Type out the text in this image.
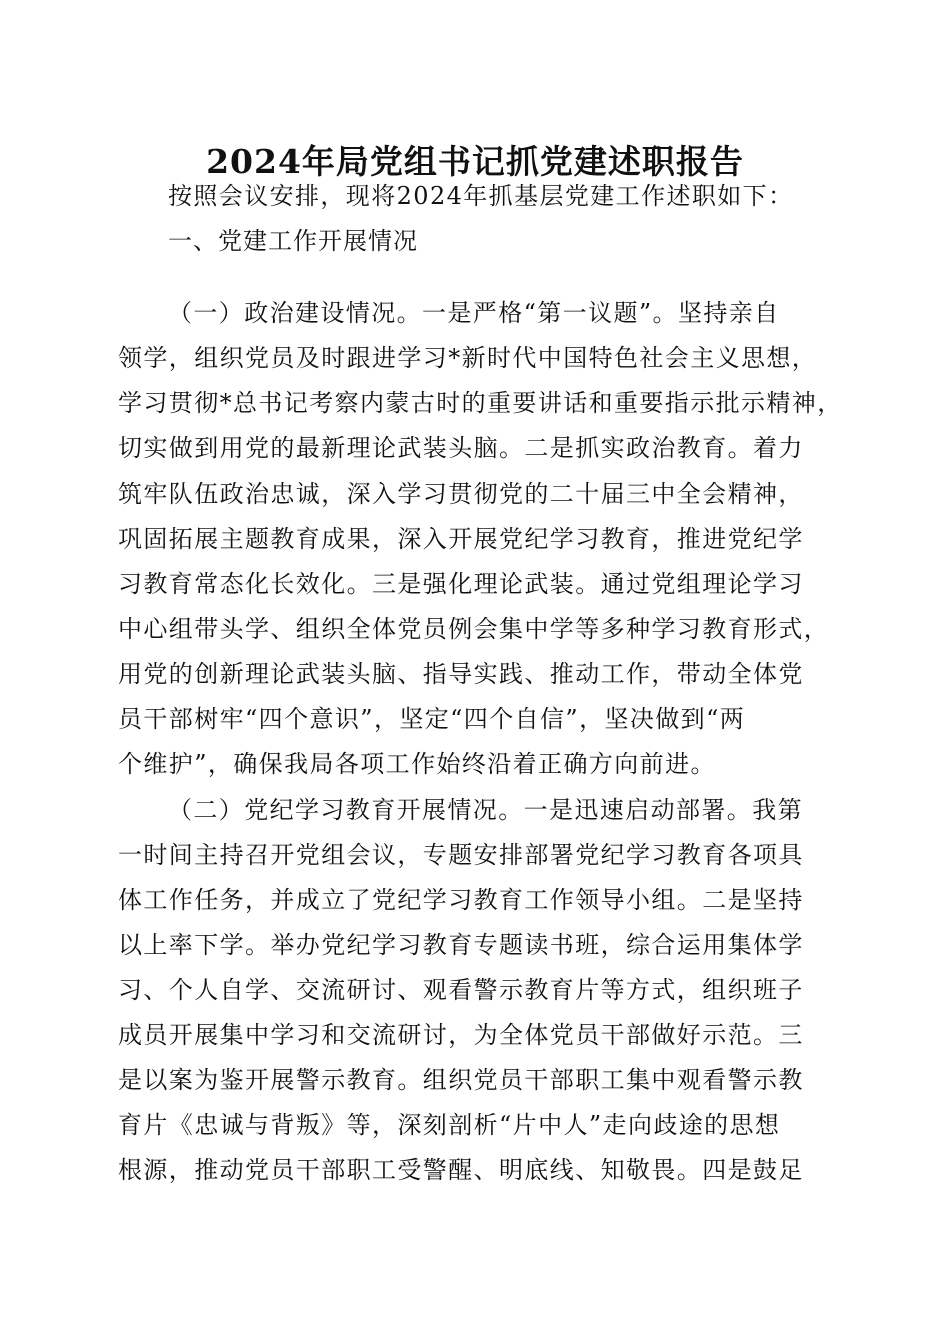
2024年局党组书记抓党建述职报告
按照会议安排，现将2024年抓基层党建工作述职如下：
一、党建工作开展情况
（一）政治建设情况。一是严格“第一议题”。坚持亲自
领学，组织党员及时跟进学习*新时代中国特色社会主义思想，
学习贯彻*总书记考察内蒙古时的重要讲话和重要指示批示精神，
切实做到用党的最新理论武装头脑。二是抓实政治教育。着力
筑牢队伍政治忠诚，深入学习贯彻党的二十届三中全会精神，
巩固拓展主题教育成果，深入开展党纪学习教育，推进党纪学
习教育常态化长效化。三是强化理论武装。通过党组理论学习
中心组带头学、组织全体党员例会集中学等多种学习教育形式，
用党的创新理论武装头脑、指导实践、推动工作，带动全体党
员干部树牢“四个意识”，坚定“四个自信”，坚决做到“两
个维护”，确保我局各项工作始终沿着正确方向前进。
（二）党纪学习教育开展情况。一是迅速启动部署。我第
一时间主持召开党组会议，专题安排部署党纪学习教育各项具
体工作任务，并成立了党纪学习教育工作领导小组。二是坚持
以上率下学。举办党纪学习教育专题读书班，综合运用集体学
习、个人自学、交流研讨、观看警示教育片等方式，组织班子
成员开展集中学习和交流研讨，为全体党员干部做好示范。三
是以案为鉴开展警示教育。组织党员干部职工集中观看警示教
育片《忠诚与背叛》等，深刻剖析“片中人”走向歧途的思想
根源，推动党员干部职工受警醒、明底线、知敬畏。四是鼓足
